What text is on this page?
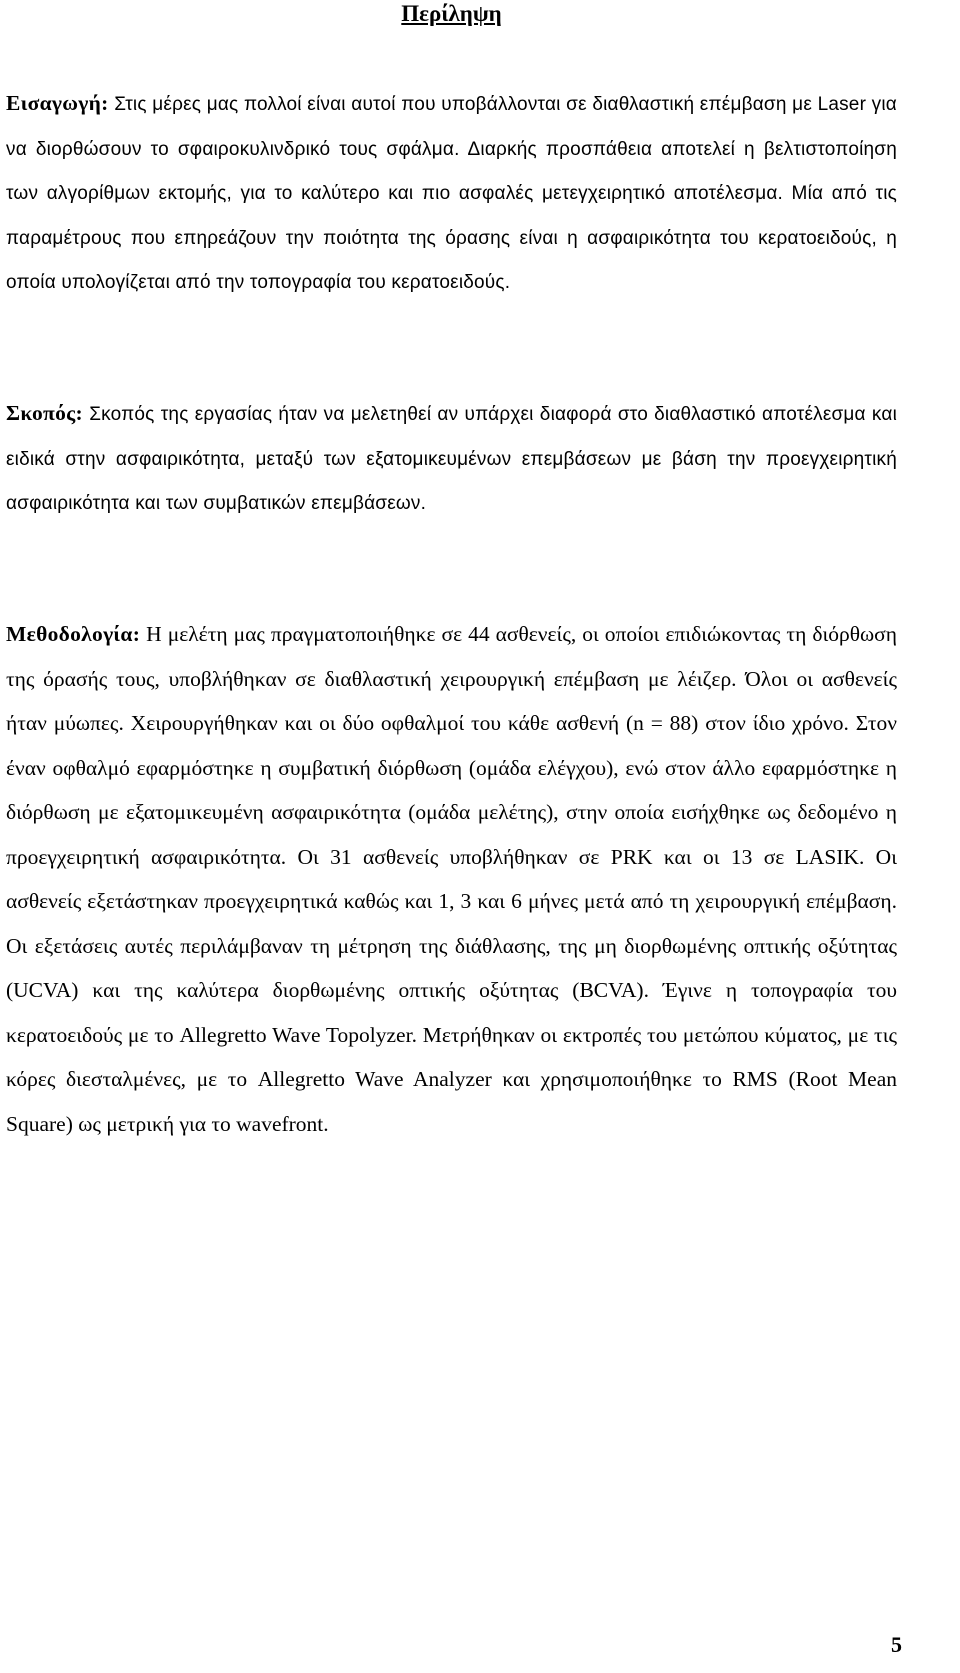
Περίληψη

Εισαγωγή: Στις μέρες μας πολλοί είναι αυτοί που υποβάλλονται σε διαθλαστική επέμβαση με Laser για να διορθώσουν το σφαιροκυλινδρικό τους σφάλμα. Διαρκής προσπάθεια αποτελεί η βελτιστοποίηση των αλγορίθμων εκτομής, για το καλύτερο και πιο ασφαλές μετεγχειρητικό αποτέλεσμα. Μία από τις παραμέτρους που επηρεάζουν την ποιότητα της όρασης είναι η ασφαιρικότητα του κερατοειδούς, η οποία υπολογίζεται από την τοπογραφία του κερατοειδούς.

Σκοπός: Σκοπός της εργασίας ήταν να μελετηθεί αν υπάρχει διαφορά στο διαθλαστικό αποτέλεσμα και ειδικά στην ασφαιρικότητα, μεταξύ των εξατομικευμένων επεμβάσεων με βάση την προεγχειρητική ασφαιρικότητα και των συμβατικών επεμβάσεων.

Μεθοδολογία: Η μελέτη μας πραγματοποιήθηκε σε 44 ασθενείς, οι οποίοι επιδιώκοντας τη διόρθωση της όρασής τους, υποβλήθηκαν σε διαθλαστική χειρουργική επέμβαση με λέιζερ. Όλοι οι ασθενείς ήταν μύωπες. Χειρουργήθηκαν και οι δύο οφθαλμοί του κάθε ασθενή (n = 88) στον ίδιο χρόνο. Στον έναν οφθαλμό εφαρμόστηκε η συμβατική διόρθωση (ομάδα ελέγχου), ενώ στον άλλο εφαρμόστηκε η διόρθωση με εξατομικευμένη ασφαιρικότητα (ομάδα μελέτης), στην οποία εισήχθηκε ως δεδομένο η προεγχειρητική ασφαιρικότητα. Οι 31 ασθενείς υποβλήθηκαν σε PRK και οι 13 σε LASIK. Οι ασθενείς εξετάστηκαν προεγχειρητικά καθώς και 1, 3 και 6 μήνες μετά από τη χειρουργική επέμβαση. Οι εξετάσεις αυτές περιλάμβαναν τη μέτρηση της διάθλασης, της μη διορθωμένης οπτικής οξύτητας (UCVA) και της καλύτερα διορθωμένης οπτικής οξύτητας (BCVA). Έγινε η τοπογραφία του κερατοειδούς με το Allegretto Wave Topolyzer. Μετρήθηκαν οι εκτροπές του μετώπου κύματος, με τις κόρες διεσταλμένες, με το Allegretto Wave Analyzer και χρησιμοποιήθηκε το RMS (Root Mean Square) ως μετρική για το wavefront.

5
